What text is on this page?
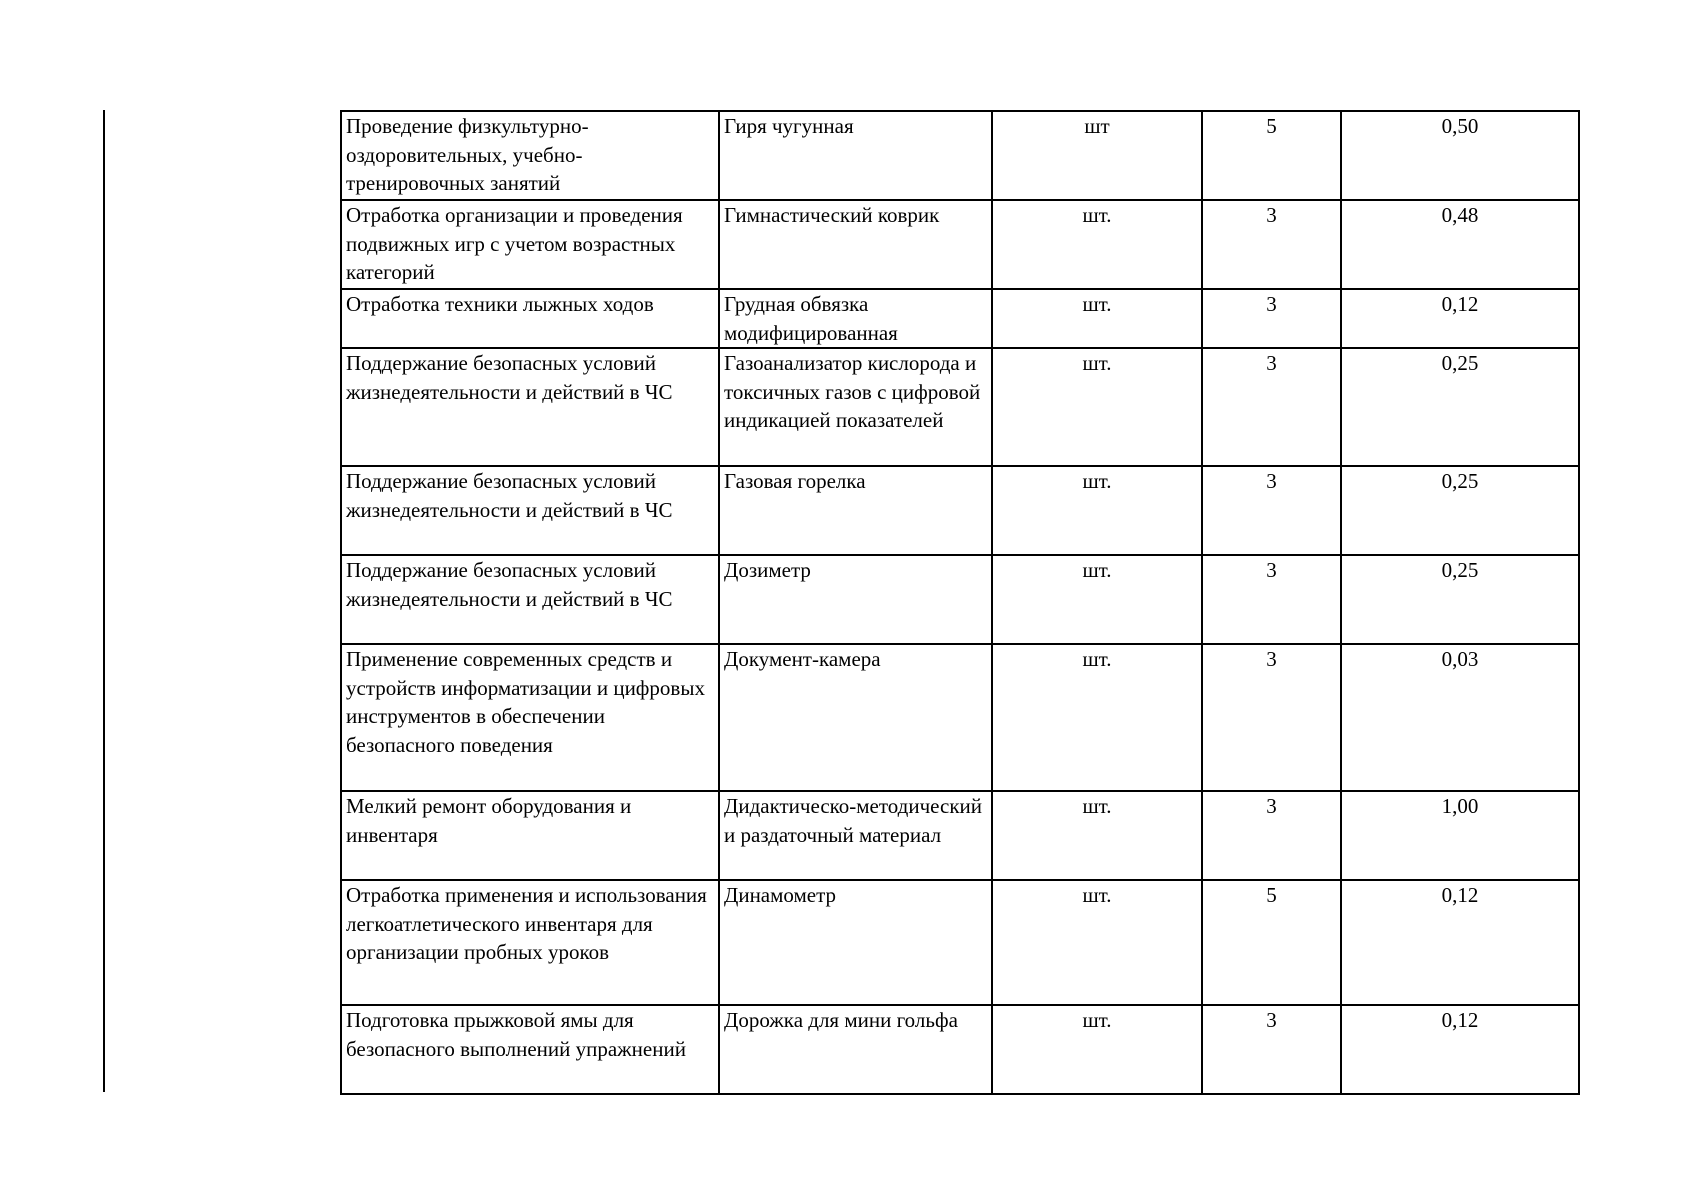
Проведение физкультурно-оздоровительных, учебно-тренировочных занятий	Гиря чугунная	шт	5	0,50
Отработка организации и проведения подвижных игр с учетом возрастных категорий	Гимнастический коврик	шт.	3	0,48
Отработка техники лыжных ходов	Грудная обвязка модифицированная	шт.	3	0,12
Поддержание безопасных условий жизнедеятельности и действий в ЧС	Газоанализатор кислорода и токсичных газов с цифровой индикацией показателей	шт.	3	0,25
Поддержание безопасных условий жизнедеятельности и действий в ЧС	Газовая горелка	шт.	3	0,25
Поддержание безопасных условий жизнедеятельности и действий в ЧС	Дозиметр	шт.	3	0,25
Применение современных средств и устройств информатизации и цифровых инструментов в обеспечении безопасного поведения	Документ-камера	шт.	3	0,03
Мелкий ремонт оборудования и инвентаря	Дидактическо-методический и раздаточный материал	шт.	3	1,00
Отработка применения и использования легкоатлетического инвентаря для организации пробных уроков	Динамометр	шт.	5	0,12
Подготовка прыжковой ямы для безопасного выполнений упражнений	Дорожка для мини гольфа	шт.	3	0,12
